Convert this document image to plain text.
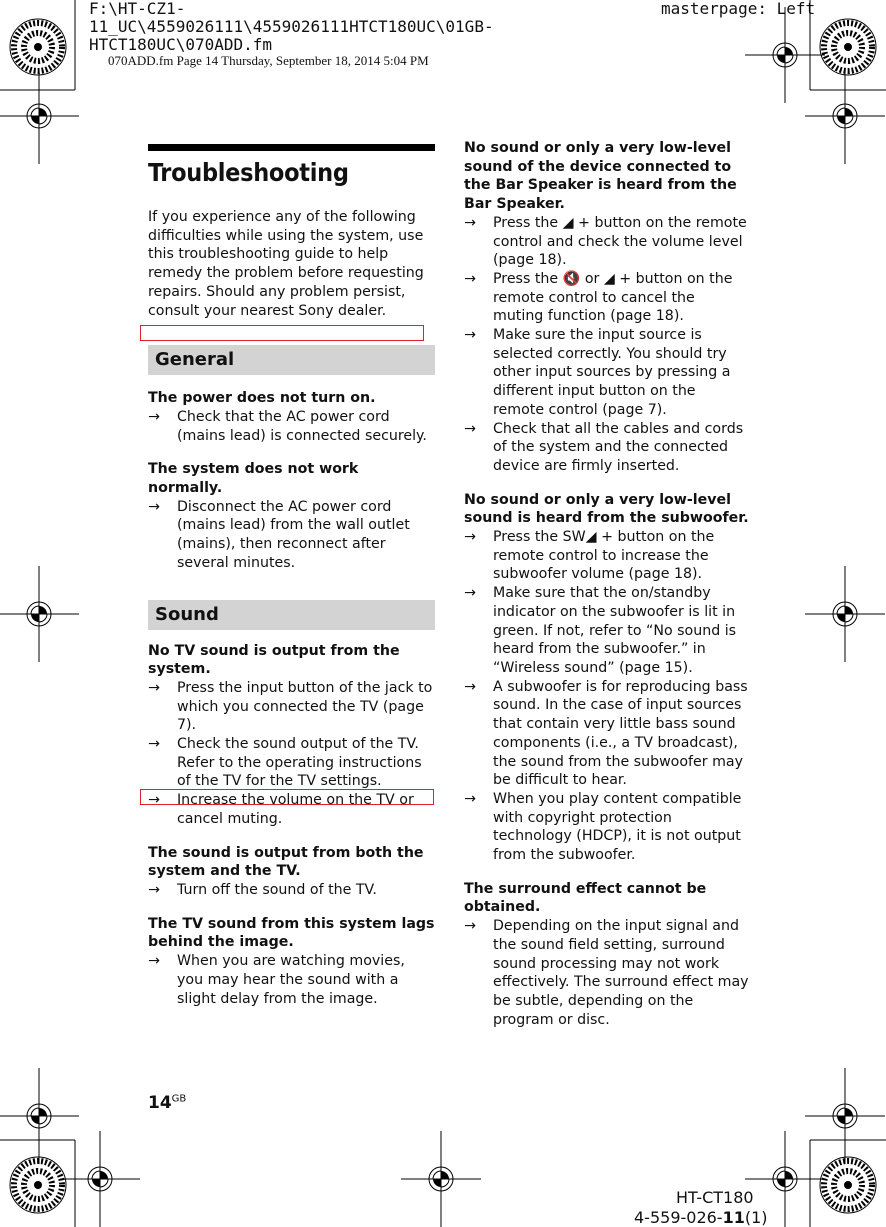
F:\HT-CZ1-11_UC\4559026111\4559026111HTCT180UC\01GB-HTCT180UC\070ADD.fm
masterpage: Left
070ADD.fm Page 14 Thursday, September 18, 2014 5:04 PM
Troubleshooting

If you experience any of the following difficulties while using the system, use this troubleshooting guide to help remedy the problem before requesting repairs. Should any problem persist, consult your nearest Sony dealer.

General

The power does not turn on.

→ Check that the AC power cord (mains lead) is connected securely.

The system does not work normally.

→ Disconnect the AC power cord (mains lead) from the wall outlet (mains), then reconnect after several minutes.

Sound

No TV sound is output from the system.

→ Press the input button of the jack to which you connected the TV (page 7).

→ Check the sound output of the TV. Refer to the operating instructions of the TV for the TV settings.

→ Increase the volume on the TV or cancel muting.

The sound is output from both the system and the TV.

→ Turn off the sound of the TV.

The TV sound from this system lags behind the image.

→ When you are watching movies, you may hear the sound with a slight delay from the image.

No sound or only a very low-level sound of the device connected to the Bar Speaker is heard from the Bar Speaker.

→ Press the ◢ + button on the remote control and check the volume level (page 18).

→ Press the 🔇 or ◢ + button on the remote control to cancel the muting function (page 18).

→ Make sure the input source is selected correctly. You should try other input sources by pressing a different input button on the remote control (page 7).

→ Check that all the cables and cords of the system and the connected device are firmly inserted.

No sound or only a very low-level sound is heard from the subwoofer.

→ Press the SW◢ + button on the remote control to increase the subwoofer volume (page 18).

→ Make sure that the on/standby indicator on the subwoofer is lit in green. If not, refer to “No sound is heard from the subwoofer.” in “Wireless sound” (page 15).

→ A subwoofer is for reproducing bass sound. In the case of input sources that contain very little bass sound components (i.e., a TV broadcast), the sound from the subwoofer may be difficult to hear.

→ When you play content compatible with copyright protection technology (HDCP), it is not output from the subwoofer.

The surround effect cannot be obtained.

→ Depending on the input signal and the sound field setting, surround sound processing may not work effectively. The surround effect may be subtle, depending on the program or disc.

$14^{GB}$
HT-CT180
4-559-026-11(1)
